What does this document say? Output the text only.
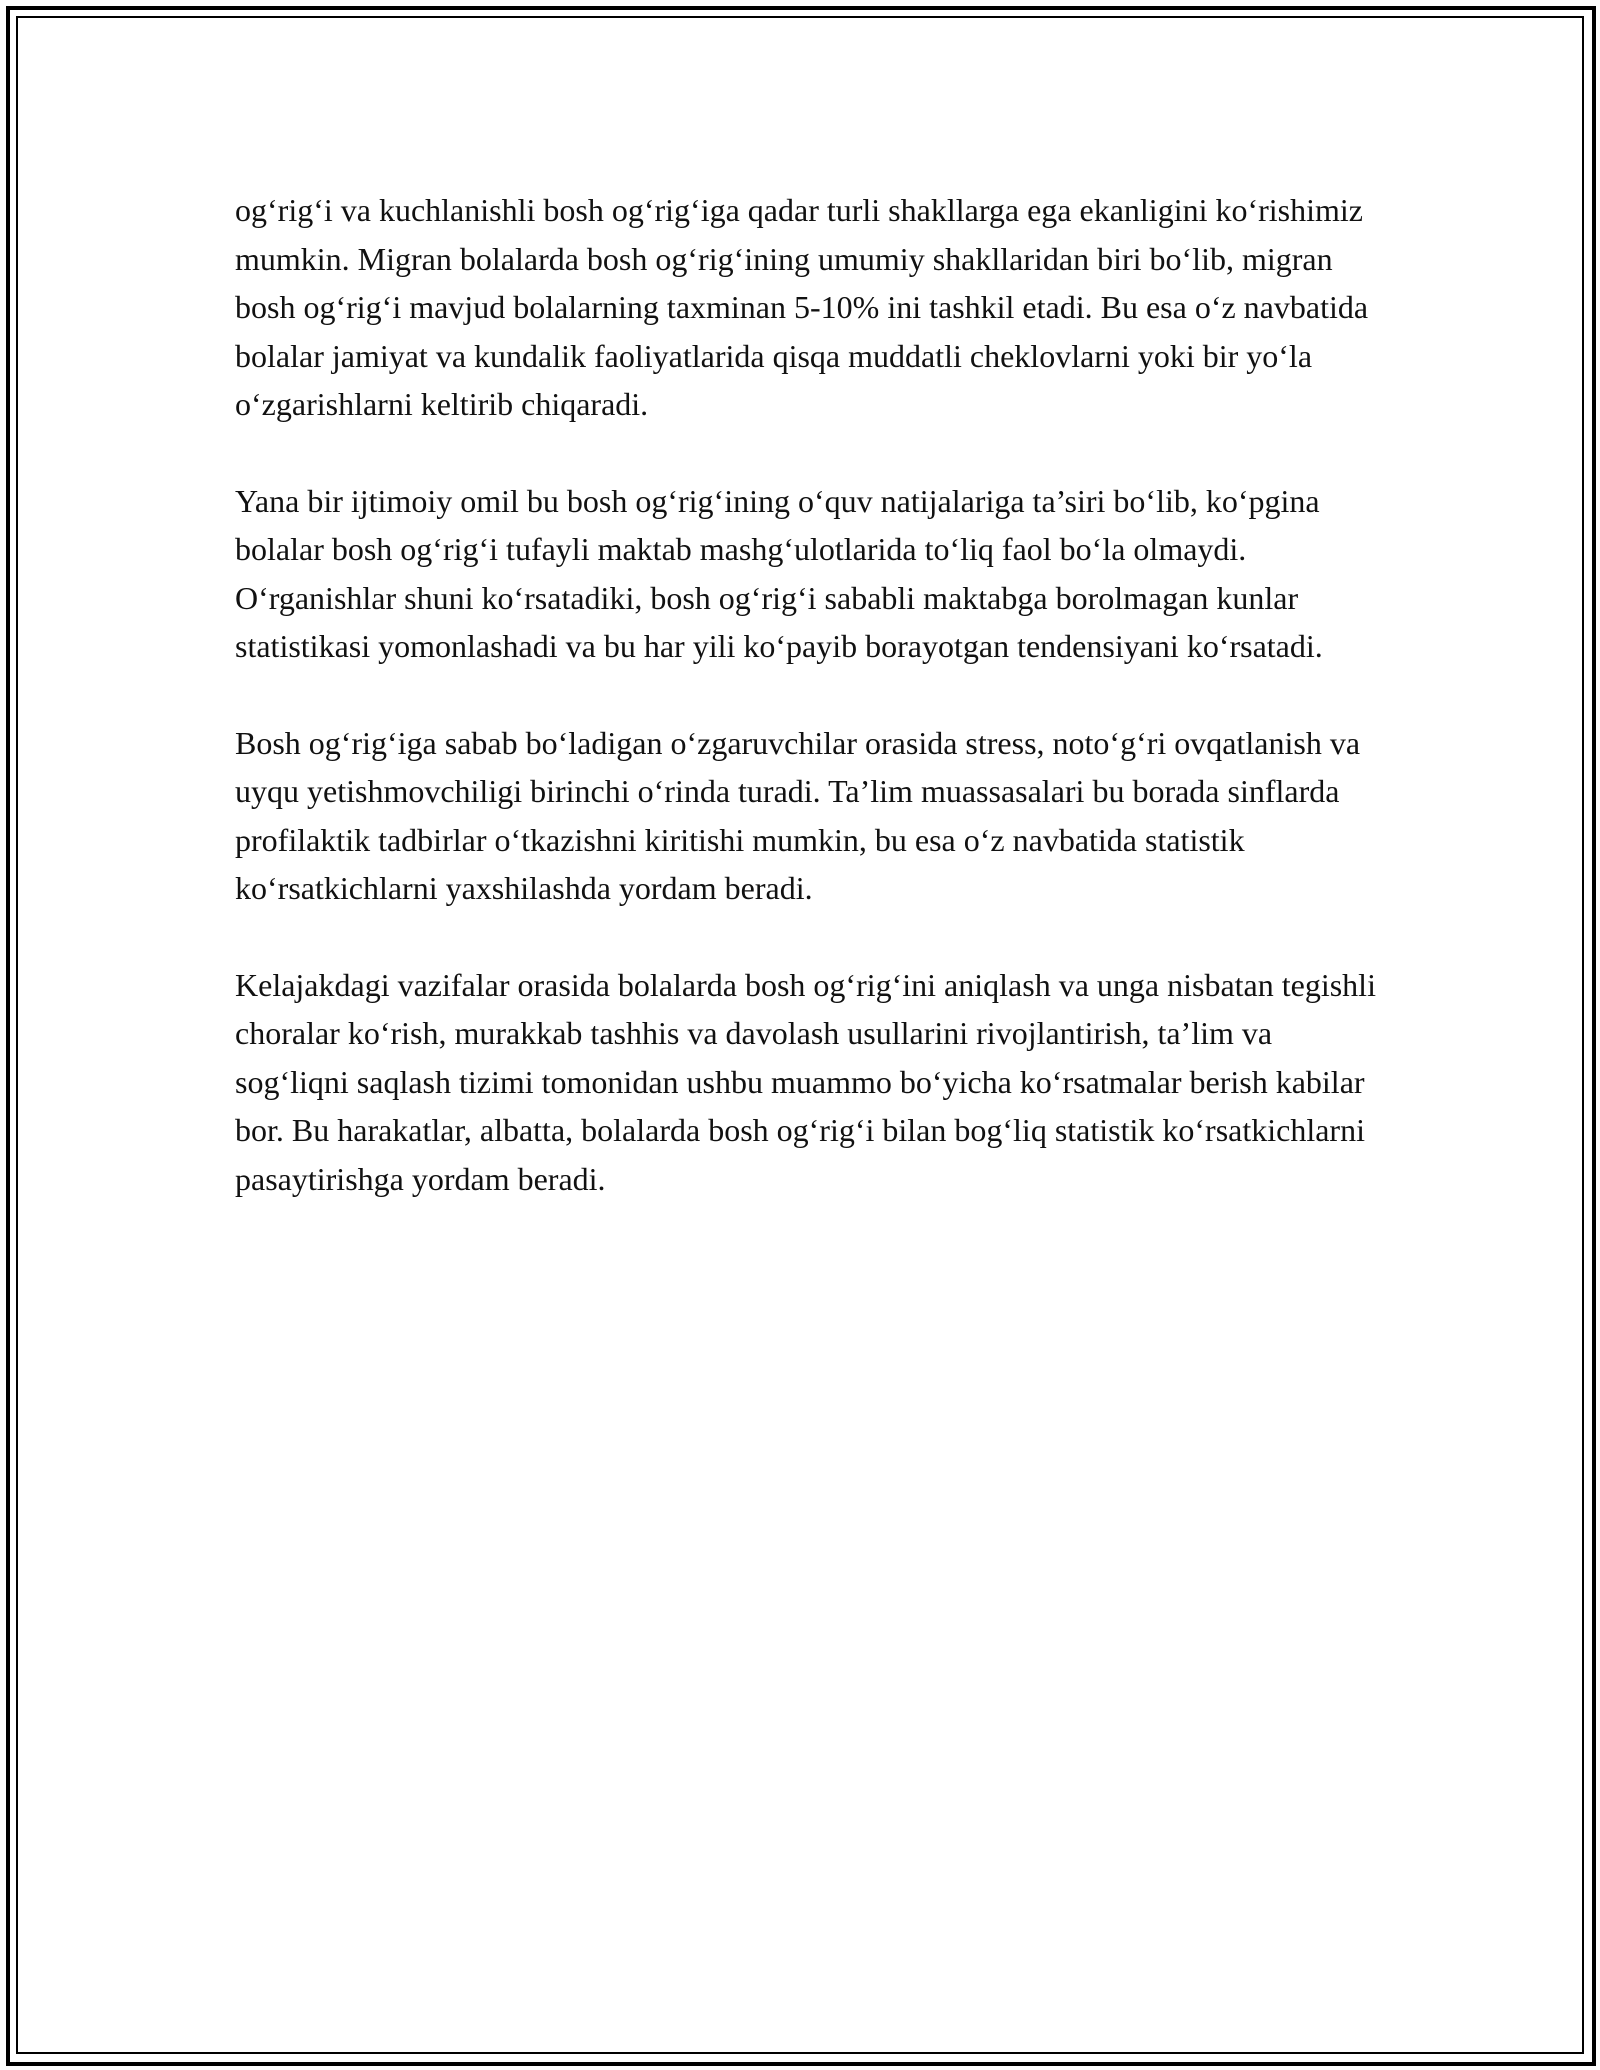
og‘rig‘i va kuchlanishli bosh og‘rig‘iga qadar turli shakllarga ega ekanligini ko‘rishimiz mumkin. Migran bolalarda bosh og‘rig‘ining umumiy shakllaridan biri bo‘lib, migran bosh og‘rig‘i mavjud bolalarning taxminan 5-10% ini tashkil etadi. Bu esa o‘z navbatida bolalar jamiyat va kundalik faoliyatlarida qisqa muddatli cheklovlarni yoki bir yo‘la o‘zgarishlarni keltirib chiqaradi.

Yana bir ijtimoiy omil bu bosh og‘rig‘ining o‘quv natijalariga ta’siri bo‘lib, ko‘pgina bolalar bosh og‘rig‘i tufayli maktab mashg‘ulotlarida to‘liq faol bo‘la olmaydi. O‘rganishlar shuni ko‘rsatadiki, bosh og‘rig‘i sababli maktabga borolmagan kunlar statistikasi yomonlashadi va bu har yili ko‘payib borayotgan tendensiyani ko‘rsatadi.

Bosh og‘rig‘iga sabab bo‘ladigan o‘zgaruvchilar orasida stress, noto‘g‘ri ovqatlanish va uyqu yetishmovchiligi birinchi o‘rinda turadi. Ta’lim muassasalari bu borada sinflarda profilaktik tadbirlar o‘tkazishni kiritishi mumkin, bu esa o‘z navbatida statistik ko‘rsatkichlarni yaxshilashda yordam beradi.

Kelajakdagi vazifalar orasida bolalarda bosh og‘rig‘ini aniqlash va unga nisbatan tegishli choralar ko‘rish, murakkab tashhis va davolash usullarini rivojlantirish, ta’lim va sog‘liqni saqlash tizimi tomonidan ushbu muammo bo‘yicha ko‘rsatmalar berish kabilar bor. Bu harakatlar, albatta, bolalarda bosh og‘rig‘i bilan bog‘liq statistik ko‘rsatkichlarni pasaytirishga yordam beradi.
